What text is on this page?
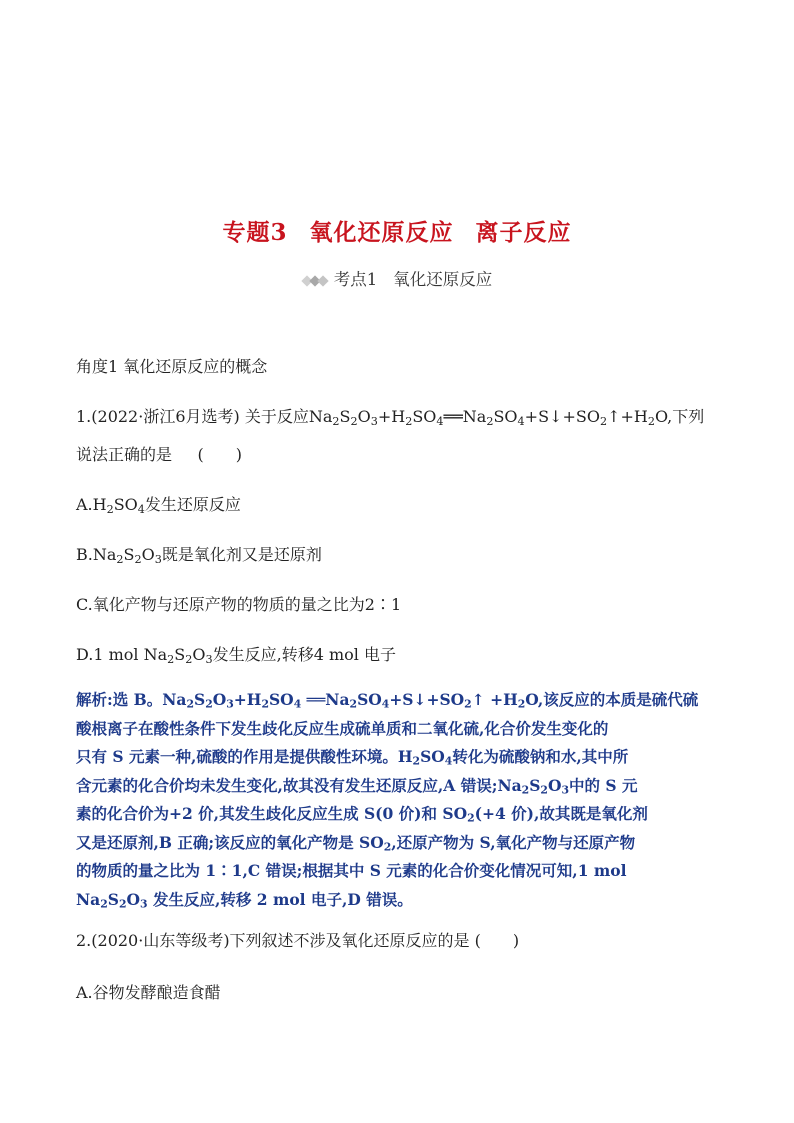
专题3 氧化还原反应 离子反应
考点1 氧化还原反应
角度1 氧化还原反应的概念
1.(2022·浙江6月选考) 关于反应$Na_2S_2O_3+H_2SO_4══Na_2SO_4+S↓+SO_2↑+H_2O$,下列
说法正确的是 ( )
$A.H_2SO_4$发生还原反应
$B.Na_2S_2O_3$既是氧化剂又是还原剂
C.氧化产物与还原产物的物质的量之比为2∶1
D.1 mol $Na_2S_2O_3$发生反应,转移4 mol 电子

解析:选 B。$Na_2S_2O_3+H_2SO_4$ $══Na_2SO_4+S↓+SO_2↑ +H_2O$,该反应的本质是硫代硫

酸根离子在酸性条件下发生歧化反应生成硫单质和二氧化硫,化合价发生变化的

只有 S 元素一种,硫酸的作用是提供酸性环境。$H_2SO_4$转化为硫酸钠和水,其中所

含元素的化合价均未发生变化,故其没有发生还原反应,A 错误$;Na_2S_2O_3$中的 S 元

素的化合价为+2 价,其发生歧化反应生成 S(0 价)和 $SO_2(+4$ 价),故其既是氧化剂

又是还原剂,B 正确;该反应的氧化产物是 $SO_2$,还原产物为 S,氧化产物与还原产物

的物质的量之比为 1∶1,C 错误;根据其中 S 元素的化合价变化情况可知,1 mol

$Na_2S_2O_3$ 发生反应,转移 2 mol 电子,D 错误。

2.(2020·山东等级考)下列叙述不涉及氧化还原反应的是 ( )
A.谷物发酵酿造食醋
